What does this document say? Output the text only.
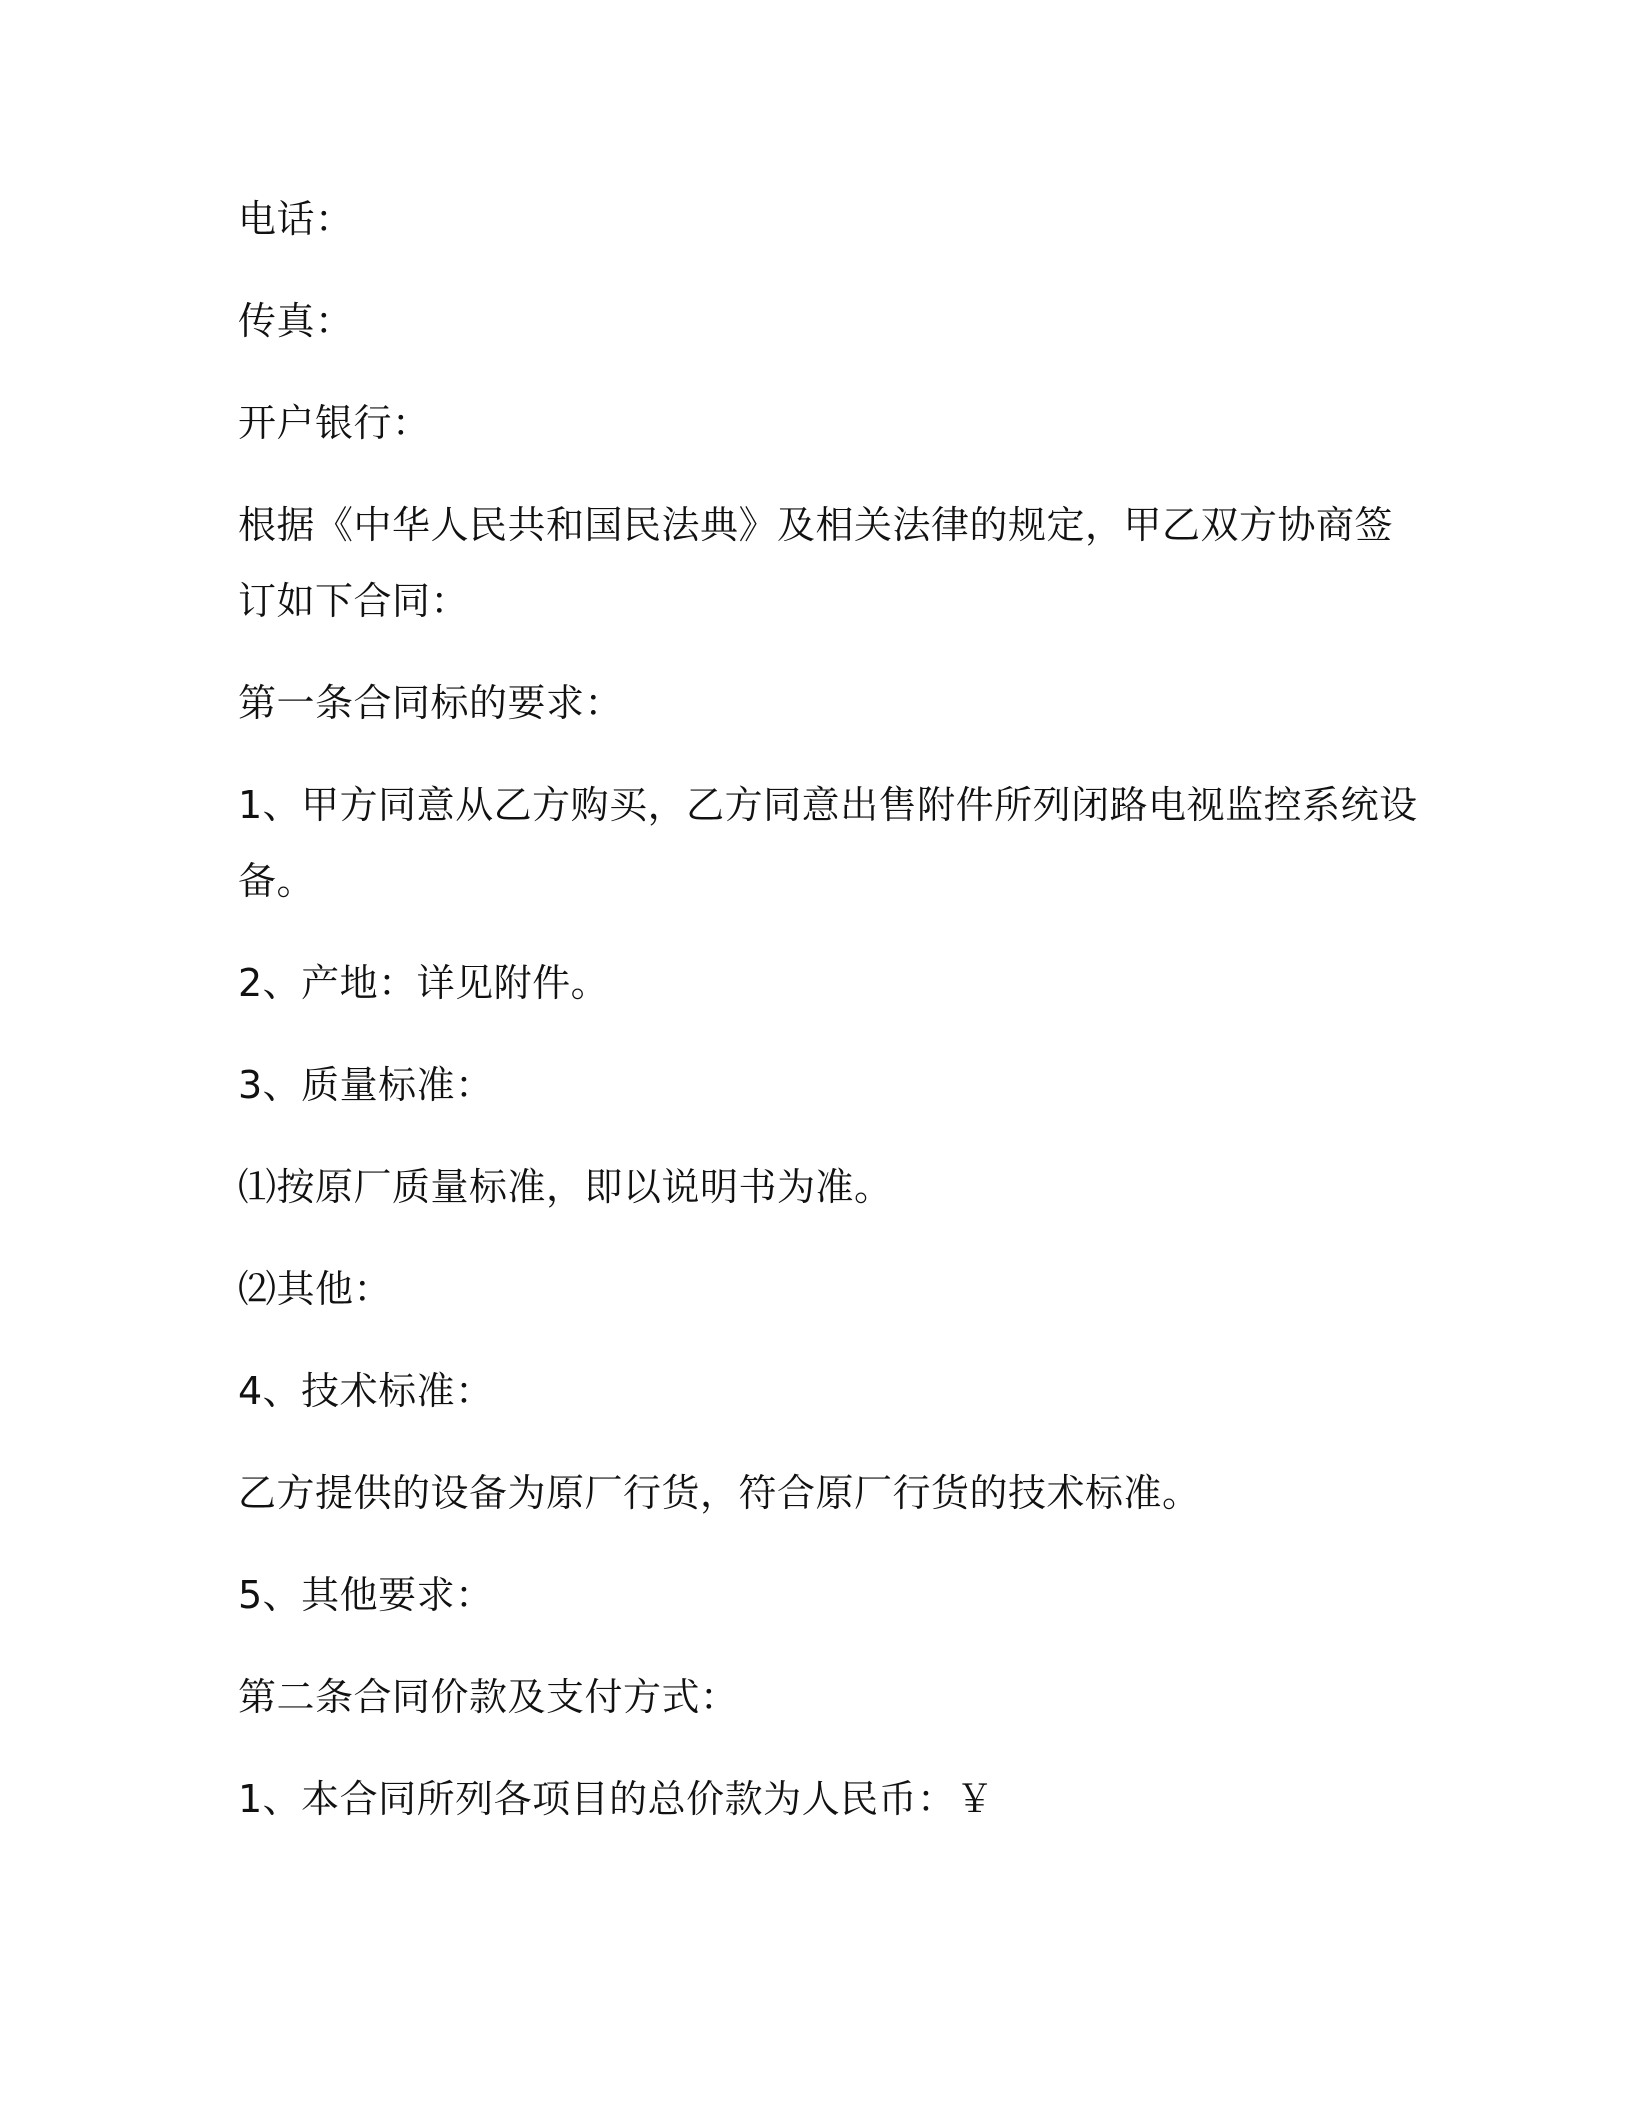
电话：
传真：
开户银行：
根据《中华人民共和国民法典》及相关法律的规定，甲乙双方协商签
订如下合同：
第一条合同标的要求：
1、甲方同意从乙方购买，乙方同意出售附件所列闭路电视监控系统设
备。
2、产地：详见附件。
3、质量标准：
⑴按原厂质量标准，即以说明书为准。
⑵其他：
4、技术标准：
乙方提供的设备为原厂行货，符合原厂行货的技术标准。
5、其他要求：
第二条合同价款及支付方式：
1、本合同所列各项目的总价款为人民币：￥
